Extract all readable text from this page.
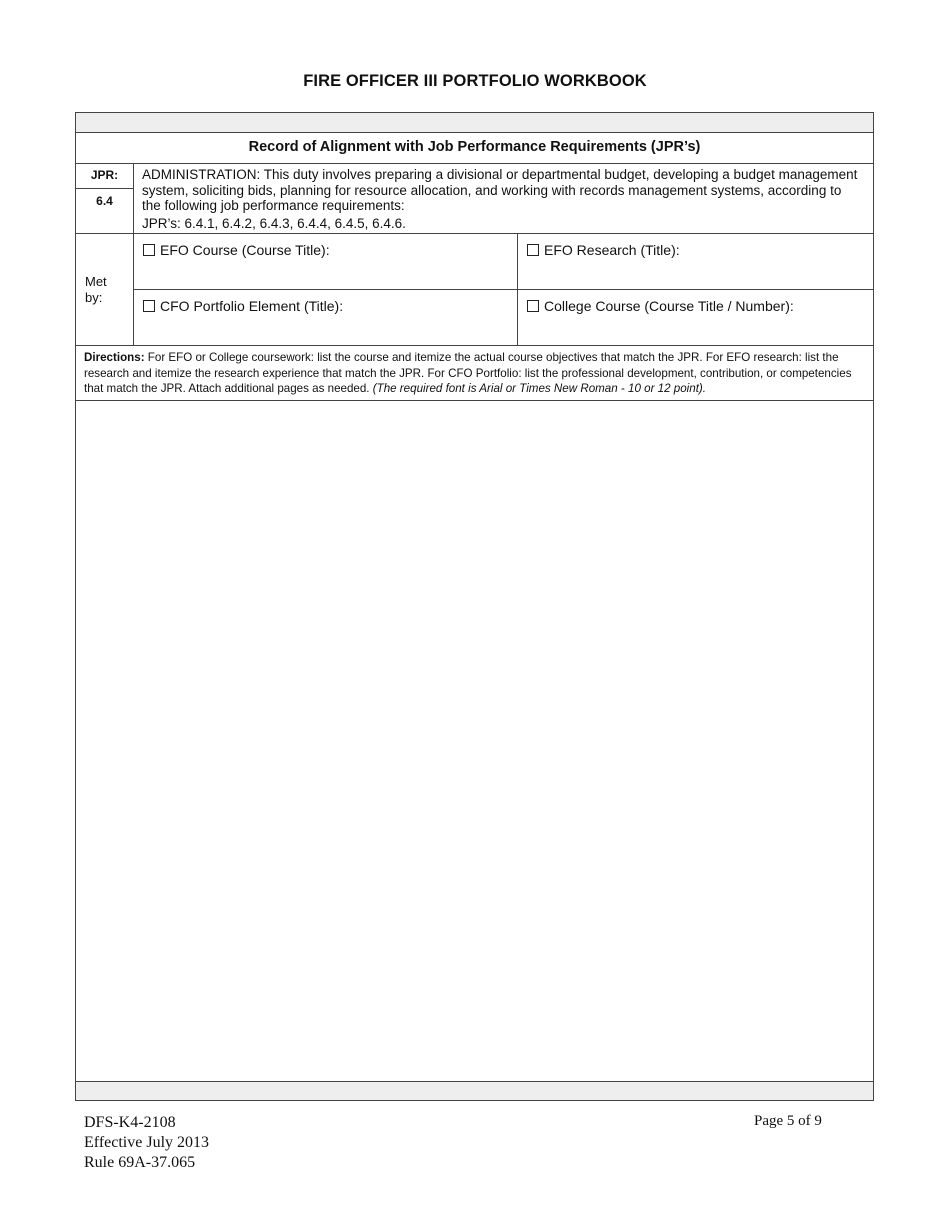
FIRE OFFICER III PORTFOLIO WORKBOOK
Record of Alignment with Job Performance Requirements (JPR’s)
JPR:
6.4
ADMINISTRATION: This duty involves preparing a divisional or departmental budget, developing a budget management system, soliciting bids, planning for resource allocation, and working with records management systems, according to the following job performance requirements:
JPR’s: 6.4.1, 6.4.2, 6.4.3, 6.4.4, 6.4.5, 6.4.6.
Met
by:
EFO Course (Course Title):	EFO Research (Title):
CFO Portfolio Element (Title):	College Course (Course Title / Number):
Directions: For EFO or College coursework: list the course and itemize the actual course objectives that match the JPR. For EFO research: list the research and itemize the research experience that match the JPR. For CFO Portfolio: list the professional development, contribution, or competencies that match the JPR. Attach additional pages as needed. (The required font is Arial or Times New Roman - 10 or 12 point).
DFS-K4-2108
Effective July 2013
Rule 69A-37.065
Page 5 of 9
